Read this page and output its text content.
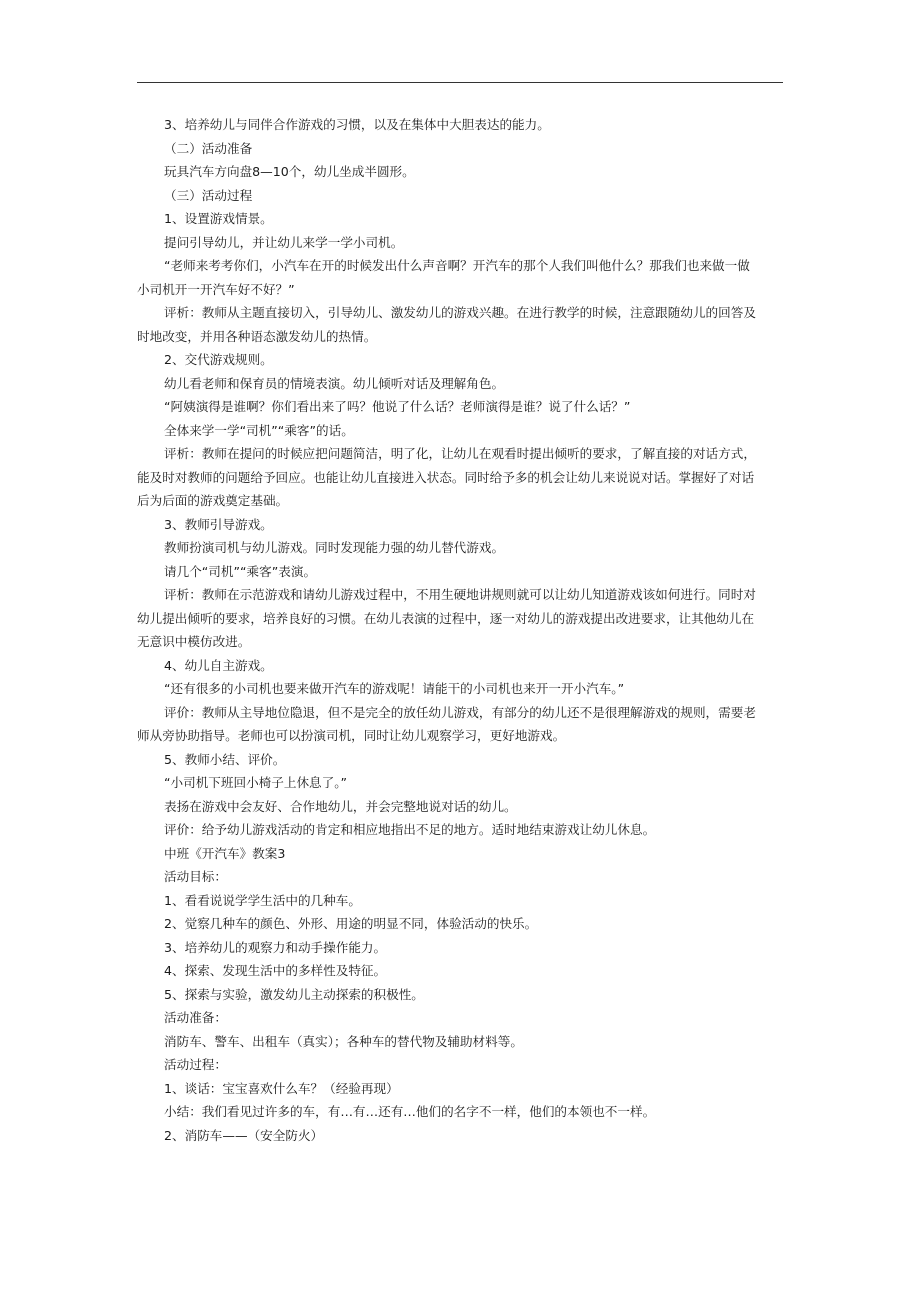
3、培养幼儿与同伴合作游戏的习惯，以及在集体中大胆表达的能力。

（二）活动准备

玩具汽车方向盘8—10个，幼儿坐成半圆形。

（三）活动过程

1、设置游戏情景。

提问引导幼儿，并让幼儿来学一学小司机。

“老师来考考你们，小汽车在开的时候发出什么声音啊？开汽车的那个人我们叫他什么？那我们也来做一做小司机开一开汽车好不好？”

评析：教师从主题直接切入，引导幼儿、激发幼儿的游戏兴趣。在进行教学的时候，注意跟随幼儿的回答及时地改变，并用各种语态激发幼儿的热情。

2、交代游戏规则。

幼儿看老师和保育员的情境表演。幼儿倾听对话及理解角色。

“阿姨演得是谁啊？你们看出来了吗？他说了什么话？老师演得是谁？说了什么话？”

全体来学一学“司机”“乘客”的话。

评析：教师在提问的时候应把问题简洁，明了化，让幼儿在观看时提出倾听的要求，了解直接的对话方式，能及时对教师的问题给予回应。也能让幼儿直接进入状态。同时给予多的机会让幼儿来说说对话。掌握好了对话后为后面的游戏奠定基础。

3、教师引导游戏。

教师扮演司机与幼儿游戏。同时发现能力强的幼儿替代游戏。

请几个“司机”“乘客”表演。

评析：教师在示范游戏和请幼儿游戏过程中，不用生硬地讲规则就可以让幼儿知道游戏该如何进行。同时对幼儿提出倾听的要求，培养良好的习惯。在幼儿表演的过程中，逐一对幼儿的游戏提出改进要求，让其他幼儿在无意识中模仿改进。

4、幼儿自主游戏。

“还有很多的小司机也要来做开汽车的游戏呢！请能干的小司机也来开一开小汽车。”

评价：教师从主导地位隐退，但不是完全的放任幼儿游戏，有部分的幼儿还不是很理解游戏的规则，需要老师从旁协助指导。老师也可以扮演司机，同时让幼儿观察学习，更好地游戏。

5、教师小结、评价。

“小司机下班回小椅子上休息了。”

表扬在游戏中会友好、合作地幼儿，并会完整地说对话的幼儿。

评价：给予幼儿游戏活动的肯定和相应地指出不足的地方。适时地结束游戏让幼儿休息。

中班《开汽车》教案3

活动目标：

1、看看说说学学生活中的几种车。

2、觉察几种车的颜色、外形、用途的明显不同，体验活动的快乐。

3、培养幼儿的观察力和动手操作能力。

4、探索、发现生活中的多样性及特征。

5、探索与实验，激发幼儿主动探索的积极性。

活动准备：

消防车、警车、出租车（真实）；各种车的替代物及辅助材料等。

活动过程：

1、谈话：宝宝喜欢什么车？（经验再现）

小结：我们看见过许多的车，有…有…还有…他们的名字不一样，他们的本领也不一样。

2、消防车——（安全防火）
